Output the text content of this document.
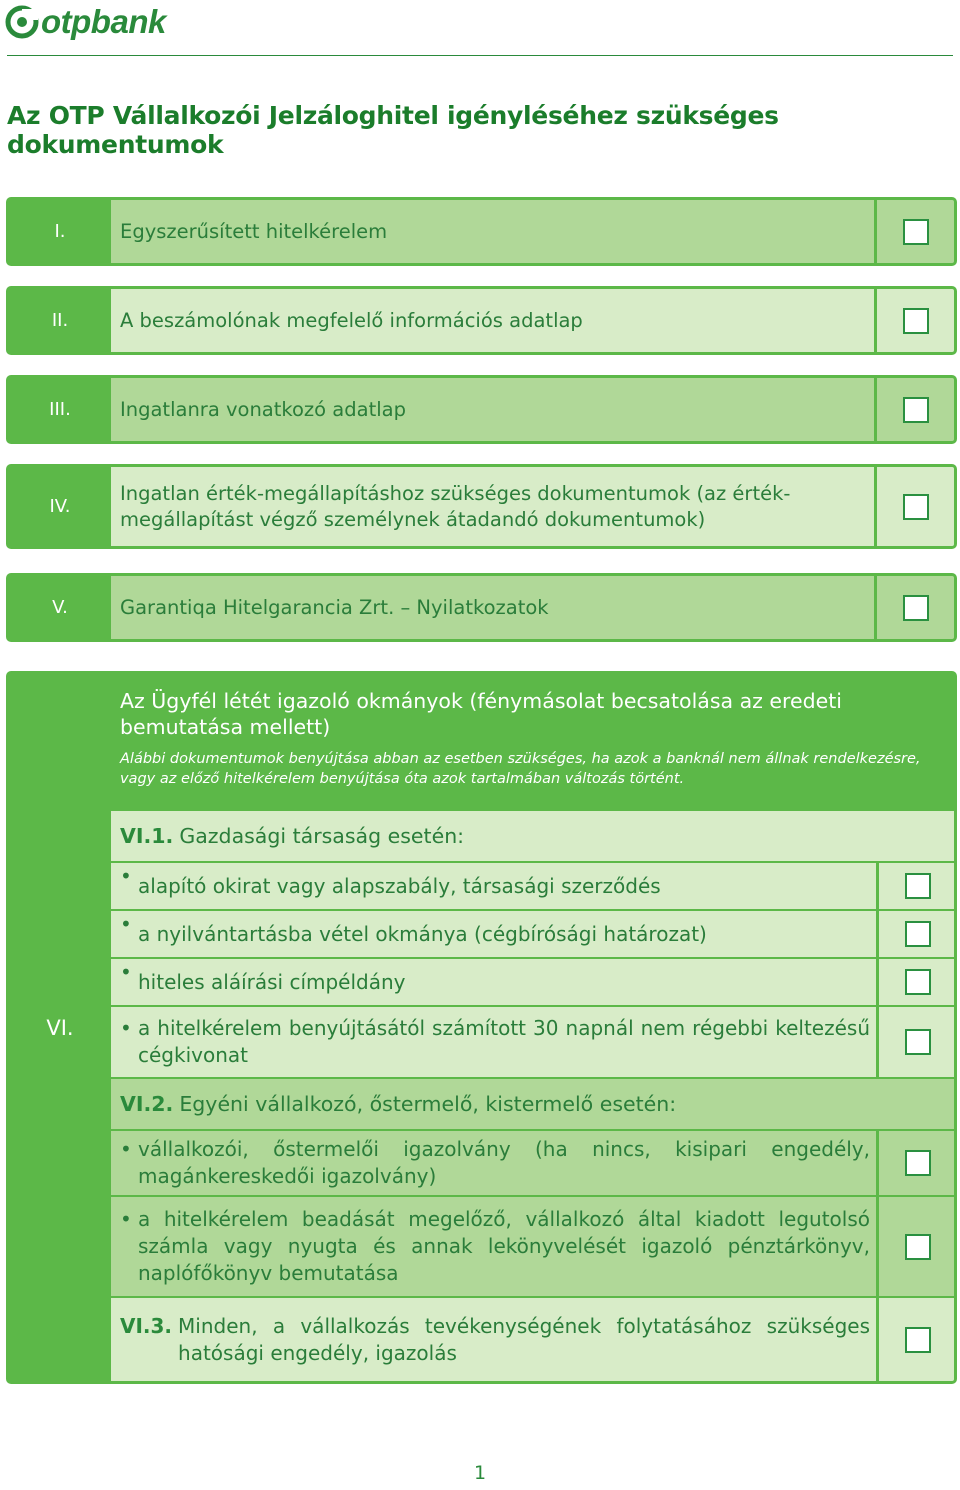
otpbank
Az OTP Vállalkozói Jelzáloghitel igényléséhez szükséges dokumentumok
I.	Egyszerűsített hitelkérelem
II.	A beszámolónak megfelelő információs adatlap
III.	Ingatlanra vonatkozó adatlap
IV.
Ingatlan érték-megállapításhoz szükséges dokumentumok (az érték-megállapítást végző személynek átadandó dokumentumok)
V.	Garantiqa Hitelgarancia Zrt. – Nyilatkozatok
VI.
Az Ügyfél létét igazoló okmányok (fénymásolat becsatolása az eredeti bemutatása mellett)
Alábbi dokumentumok benyújtása abban az esetben szükséges, ha azok a banknál nem állnak rendelkezésre, vagy az előző hitelkérelem benyújtása óta azok tartalmában változás történt.
VI.1. Gazdasági társaság esetén:
• alapító okirat vagy alapszabály, társasági szerződés
• a nyilvántartásba vétel okmánya (cégbírósági határozat)
• hiteles aláírási címpéldány
• a hitelkérelem benyújtásától számított 30 napnál nem régebbi keltezésű cégkivonat
VI.2. Egyéni vállalkozó, őstermelő, kistermelő esetén:
• vállalkozói, őstermelői igazolvány (ha nincs, kisipari engedély, magánkereskedői igazolvány)
• a hitelkérelem beadását megelőző, vállalkozó által kiadott legutolsó számla vagy nyugta és annak lekönyvelését igazoló pénztárkönyv, naplófőkönyv bemutatása
VI.3. Minden, a vállalkozás tevékenységének folytatásához szükséges hatósági engedély, igazolás
1
